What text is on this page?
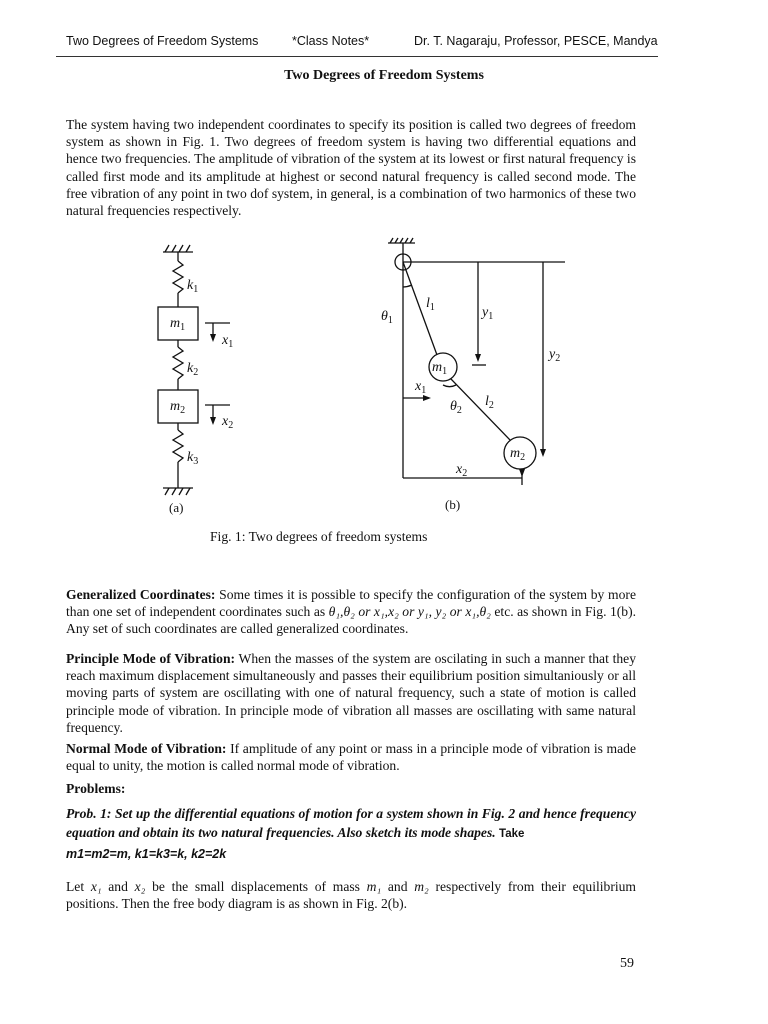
Two Degrees of Freedom Systems	*Class Notes*	Dr. T. Nagaraju, Professor, PESCE, Mandya
Two Degrees of Freedom Systems
The system having two independent coordinates to specify its position is called two degrees of freedom system as shown in Fig. 1. Two degrees of freedom system is having two differential equations and hence two frequencies. The amplitude of vibration of the system at its lowest or first natural frequency is called first mode and its amplitude at highest or second natural frequency is called second mode. The free vibration of any point in two dof system, in general, is a combination of two harmonics of these two natural frequencies respectively.
$k_1$
$m_1$
$x_1$
$k_2$
$m_2$
$x_2$
$k_3$
$\theta_1$
$l_1$	$y_1$
$y_2$
$m_1$
$x_1$
$\theta_2$
$l_2$
$m_2$
$x_2$
(a)	(b)
Fig. 1: Two degrees of freedom systems
Generalized Coordinates: Some times it is possible to specify the configuration of the system by more than one set of independent coordinates such as θ₁,θ₂ or x₁,x₂ or y₁, y₂ or x₁,θ₂ etc. as shown in Fig. 1(b). Any set of such coordinates are called generalized coordinates.
Principle Mode of Vibration: When the masses of the system are oscilating in such a manner that they reach maximum displacement simultaneously and passes their equilibrium position simultaniously or all moving parts of system are oscillating with one of natural frequency, such a state of motion is called principle mode of vibration. In principle mode of vibration all masses are oscillating with same natural frequency.
Normal Mode of Vibration: If amplitude of any point or mass in a principle mode of vibration is made equal to unity, the motion is called normal mode of vibration.
Problems:
Prob. 1: Set up the differential equations of motion for a system shown in Fig. 2 and hence frequency equation and obtain its two natural frequencies. Also sketch its mode shapes. Take
m1=m2=m, k1=k3=k, k2=2k
Let x₁ and x₂ be the small displacements of mass m₁ and m₂ respectively from their equilibrium positions. Then the free body diagram is as shown in Fig. 2(b).
59
